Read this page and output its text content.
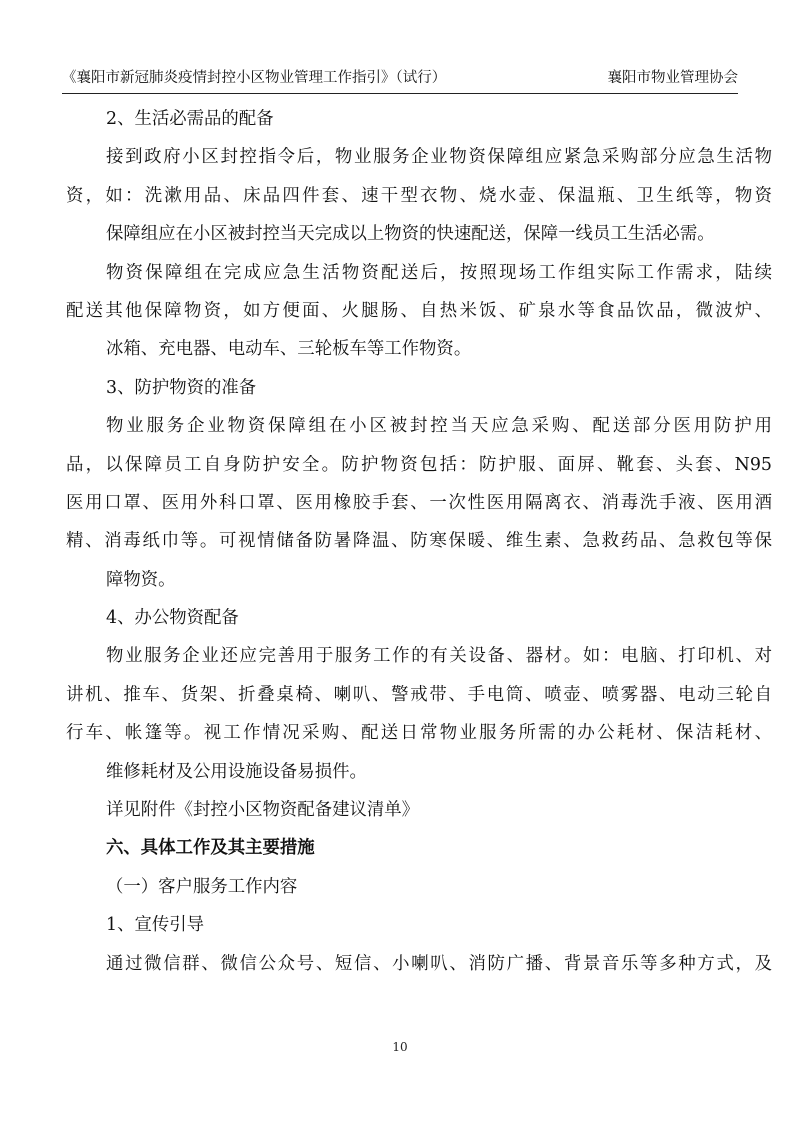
《襄阳市新冠肺炎疫情封控小区物业管理工作指引》（试行）	襄阳市物业管理协会
2、生活必需品的配备
接到政府小区封控指令后，物业服务企业物资保障组应紧急采购部分应急生活物
资，如：洗漱用品、床品四件套、速干型衣物、烧水壶、保温瓶、卫生纸等，物资
保障组应在小区被封控当天完成以上物资的快速配送，保障一线员工生活必需。
物资保障组在完成应急生活物资配送后，按照现场工作组实际工作需求，陆续
配送其他保障物资，如方便面、火腿肠、自热米饭、矿泉水等食品饮品，微波炉、
冰箱、充电器、电动车、三轮板车等工作物资。
3、防护物资的准备
物业服务企业物资保障组在小区被封控当天应急采购、配送部分医用防护用
品，以保障员工自身防护安全。防护物资包括：防护服、面屏、靴套、头套、N95
医用口罩、医用外科口罩、医用橡胶手套、一次性医用隔离衣、消毒洗手液、医用酒
精、消毒纸巾等。可视情储备防暑降温、防寒保暖、维生素、急救药品、急救包等保
障物资。
4、办公物资配备
物业服务企业还应完善用于服务工作的有关设备、器材。如：电脑、打印机、对
讲机、推车、货架、折叠桌椅、喇叭、警戒带、手电筒、喷壶、喷雾器、电动三轮自
行车、帐篷等。视工作情况采购、配送日常物业服务所需的办公耗材、保洁耗材、
维修耗材及公用设施设备易损件。
详见附件《封控小区物资配备建议清单》
六、具体工作及其主要措施
（一）客户服务工作内容
1、宣传引导
通过微信群、微信公众号、短信、小喇叭、消防广播、背景音乐等多种方式，及
10
